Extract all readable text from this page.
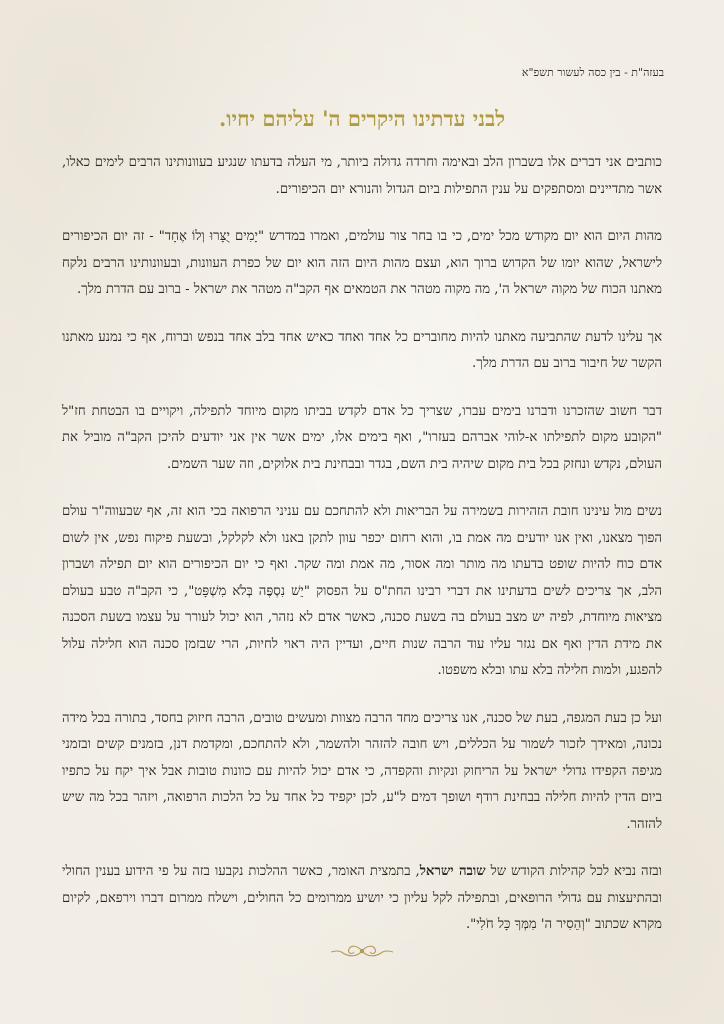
בעזה"ת - בין כסה לעשור תשפ"א
לבני עדתינו היקרים ה' עליהם יחיו.

כותבים אני דברים אלו בשברון הלב ובאימה וחרדה גדולה ביותר, מי העלה בדעתו שנגיע בעוונותינו הרבים לימים כאלו, אשר מתדיינים ומסתפקים על ענין התפילות ביום הגדול והנורא יום הכיפורים.

מהות היום הוא יום מקודש מכל ימים, כי בו בחר צור עולמים, ואמרו במדרש "יָמִים יֻצָּרוּ וְלוֹ אֶחָד" - זה יום הכיפורים לישראל, שהוא יומו של הקדוש ברוך הוא, ועצם מהות היום הזה הוא יום של כפרת העוונות, ובעוונותינו הרבים נלקח מאתנו הכוח של מקוה ישראל ה', מה מקוה מטהר את הטמאים אף הקב"ה מטהר את ישראל - ברוב עם הדרת מלך.

אך עלינו לדעת שהתביעה מאתנו להיות מחוברים כל אחד ואחד כאיש אחד בלב אחד בנפש וברוח, אף כי נמנע מאתנו הקשר של חיבור ברוב עם הדרת מלך.

דבר חשוב שהזכרנו ודברנו בימים עברו, שצריך כל אדם לקדש בביתו מקום מיוחד לתפילה, ויקויים בו הבטחת חז"ל "הקובע מקום לתפילתו א-לוהי אברהם בעזרו", ואף בימים אלו, ימים אשר אין אני יודעים להיכן הקב"ה מוביל את העולם, נקדש ונחזק בכל בית מקום שיהיה בית השם, בגדר ובבחינת בית אלוקים, וזה שער השמים.

נשים מול עינינו חובת הזהירות בשמירה על הבריאות ולא להתחכם עם עניני הרפואה בכי הוא זה, אף שבעווה"ר עולם הפוך מצאנו, ואין אנו יודעים מה אמת בו, והוא רחום יכפר עוון לתקן באנו ולא לקלקל, ובשעת פיקוח נפש, אין לשום אדם כוח להיות שופט בדעתו מה מותר ומה אסור, מה אמת ומה שקר. ואף כי יום הכיפורים הוא יום תפילה ושברון הלב, אך צריכים לשים בדעתינו את דברי רבינו החת"ס על הפסוק "יֵשׁ נִסְפֶּה בְּלֹא מִשְׁפָּט", כי הקב"ה טבע בעולם מציאות מיוחדת, לפיה יש מצב בעולם בה בשעת סכנה, כאשר אדם לא נזהר, הוא יכול לעורר על עצמו בשעת הסכנה את מידת הדין ואף אם נגזר עליו עוד הרבה שנות חיים, ועדיין היה ראוי לחיות, הרי שבזמן סכנה הוא חלילה עלול להפגע, ולמות חלילה בלא עתו ובלא משפטו.

ועל כן בעת המגפה, בעת של סכנה, אנו צריכים מחד הרבה מצוות ומעשים טובים, הרבה חיזוק בחסד, בתורה בכל מידה נכונה, ומאידך לזכור לשמור על הכללים, ויש חובה להזהר ולהשמר, ולא להתחכם, ומקדמת דנן, בזמנים קשים ובזמני מגיפה הקפידו גדולי ישראל על הריחוק ונקיות והקפדה, כי אדם יכול להיות עם כוונות טובות אבל איך יקח על כתפיו ביום הדין להיות חלילה בבחינת רודף ושופך דמים ל"ע, לכן יקפיד כל אחד על כל הלכות הרפואה, ויזהר בכל מה שיש להזהר.

ובזה נביא לכל קהילות הקודש של שובה ישראל, בתמצית האומר, כאשר ההלכות נקבעו בזה על פי הידוע בענין החולי ובהתיעצות עם גדולי הרופאים, ובתפילה לקל עליון כי יושיע ממרומים כל החולים, וישלח ממרום דברו וירפאם, לקיום מקרא שכתוב "וְהֵסִיר ה' מִמְּךָ כָּל חֹלִי".
